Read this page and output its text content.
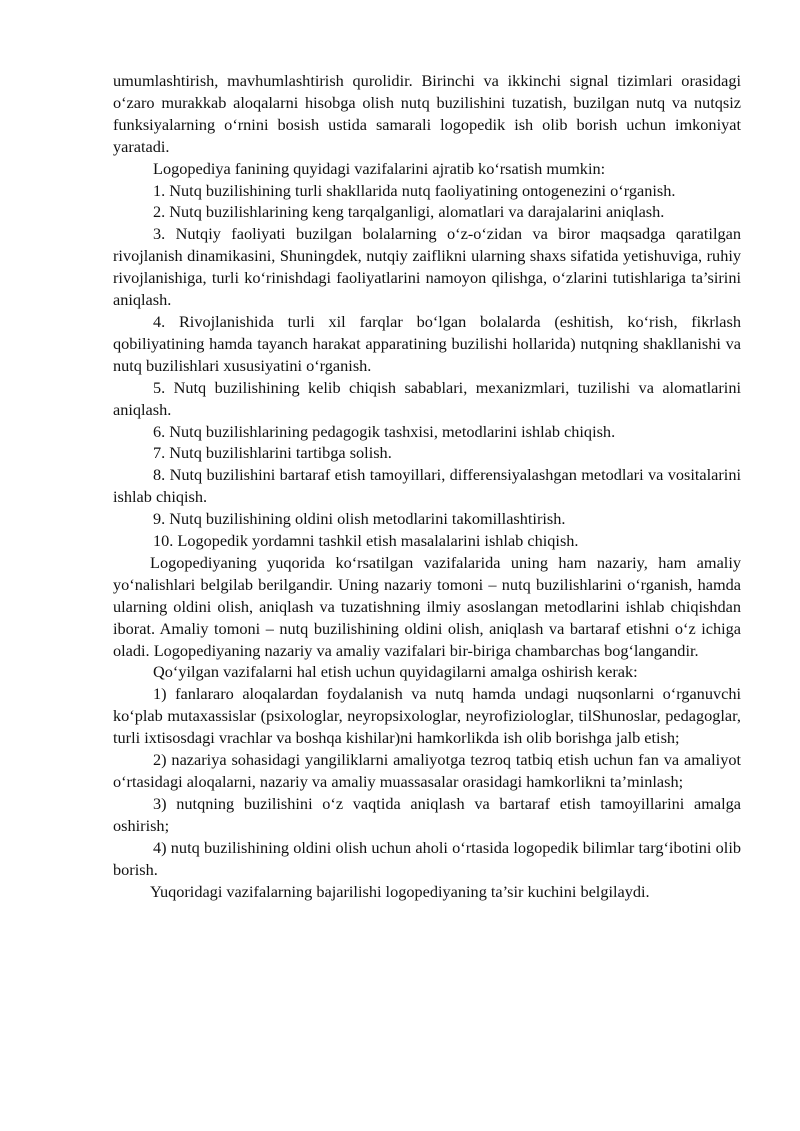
umumlashtirish, mavhumlashtirish qurolidir. Birinchi va ikkinchi signal tizimlari orasidagi o‘zaro murakkab aloqalarni hisobga olish nutq buzilishini tuzatish, buzilgan nutq va nutqsiz funksiyalarning o‘rnini bosish ustida samarali logopedik ish olib borish uchun imkoniyat yaratadi.

Logopediya fanining quyidagi vazifalarini ajratib ko‘rsatish mumkin:

1. Nutq buzilishining turli shakllarida nutq faoliyatining ontogenezini o‘rganish.

2. Nutq buzilishlarining keng tarqalganligi, alomatlari va darajalarini aniqlash.

3. Nutqiy faoliyati buzilgan bolalarning o‘z-o‘zidan va biror maqsadga qaratilgan rivojlanish dinamikasini, Shuningdek, nutqiy zaiflikni ularning shaxs sifatida yetishuviga, ruhiy rivojlanishiga, turli ko‘rinishdagi faoliyatlarini namoyon qilishga, o‘zlarini tutishlariga ta’sirini aniqlash.

4. Rivojlanishida turli xil farqlar bo‘lgan bolalarda (eshitish, ko‘rish, fikrlash qobiliyatining hamda tayanch harakat apparatining buzilishi hollarida) nutqning shakllanishi va nutq buzilishlari xususiyatini o‘rganish.

5. Nutq buzilishining kelib chiqish sabablari, mexanizmlari, tuzilishi va alomatlarini aniqlash.

6. Nutq buzilishlarining pedagogik tashxisi, metodlarini ishlab chiqish.

7. Nutq buzilishlarini tartibga solish.

8. Nutq buzilishini bartaraf etish tamoyillari, differensiyalashgan metodlari va vositalarini ishlab chiqish.

9. Nutq buzilishining oldini olish metodlarini takomillashtirish.

10. Logopedik yordamni tashkil etish masalalarini ishlab chiqish.

Logopediyaning yuqorida ko‘rsatilgan vazifalarida uning ham nazariy, ham amaliy yo‘nalishlari belgilab berilgandir. Uning nazariy tomoni – nutq buzilishlarini o‘rganish, hamda ularning oldini olish, aniqlash va tuzatishning ilmiy asoslangan metodlarini ishlab chiqishdan iborat. Amaliy tomoni – nutq buzilishining oldini olish, aniqlash va bartaraf etishni o‘z ichiga oladi. Logopediyaning nazariy va amaliy vazifalari bir-biriga chambarchas bog‘langandir.

Qo‘yilgan vazifalarni hal etish uchun quyidagilarni amalga oshirish kerak:

1) fanlararo aloqalardan foydalanish va nutq hamda undagi nuqsonlarni o‘rganuvchi ko‘plab mutaxassislar (psixologlar, neyropsixologlar, neyrofiziologlar, tilShunoslar, pedagoglar, turli ixtisosdagi vrachlar va boshqa kishilar)ni hamkorlikda ish olib borishga jalb etish;

2) nazariya sohasidagi yangiliklarni amaliyotga tezroq tatbiq etish uchun fan va amaliyot o‘rtasidagi aloqalarni, nazariy va amaliy muassasalar orasidagi hamkorlikni ta’minlash;

3) nutqning buzilishini o‘z vaqtida aniqlash va bartaraf etish tamoyillarini amalga oshirish;

4) nutq buzilishining oldini olish uchun aholi o‘rtasida logopedik bilimlar targ‘ibotini olib borish.

Yuqoridagi vazifalarning bajarilishi logopediyaning ta’sir kuchini belgilaydi.
